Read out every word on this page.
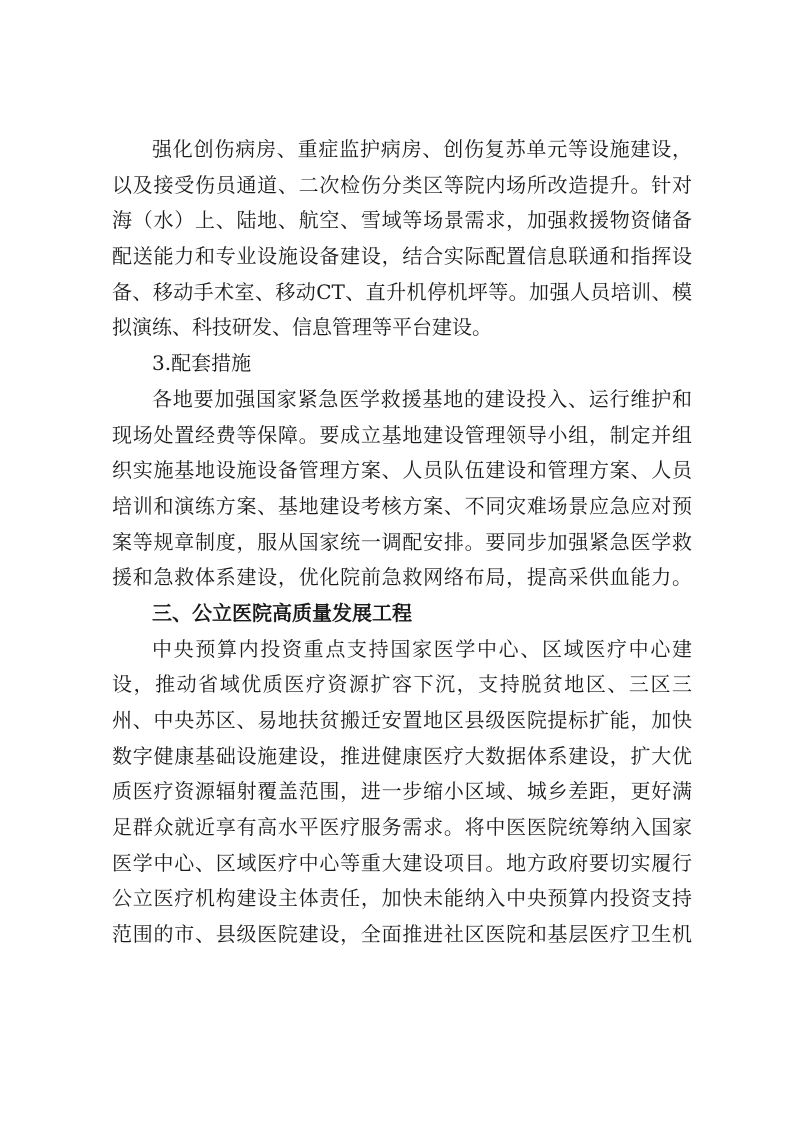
强化创伤病房、重症监护病房、创伤复苏单元等设施建设，
以及接受伤员通道、二次检伤分类区等院内场所改造提升。针对
海（水）上、陆地、航空、雪域等场景需求，加强救援物资储备
配送能力和专业设施设备建设，结合实际配置信息联通和指挥设
备、移动手术室、移动CT、直升机停机坪等。加强人员培训、模
拟演练、科技研发、信息管理等平台建设。
3.配套措施
各地要加强国家紧急医学救援基地的建设投入、运行维护和
现场处置经费等保障。要成立基地建设管理领导小组，制定并组
织实施基地设施设备管理方案、人员队伍建设和管理方案、人员
培训和演练方案、基地建设考核方案、不同灾难场景应急应对预
案等规章制度，服从国家统一调配安排。要同步加强紧急医学救
援和急救体系建设，优化院前急救网络布局，提高采供血能力。
三、公立医院高质量发展工程
中央预算内投资重点支持国家医学中心、区域医疗中心建
设，推动省域优质医疗资源扩容下沉，支持脱贫地区、三区三
州、中央苏区、易地扶贫搬迁安置地区县级医院提标扩能，加快
数字健康基础设施建设，推进健康医疗大数据体系建设，扩大优
质医疗资源辐射覆盖范围，进一步缩小区域、城乡差距，更好满
足群众就近享有高水平医疗服务需求。将中医医院统筹纳入国家
医学中心、区域医疗中心等重大建设项目。地方政府要切实履行
公立医疗机构建设主体责任，加快未能纳入中央预算内投资支持
范围的市、县级医院建设，全面推进社区医院和基层医疗卫生机
